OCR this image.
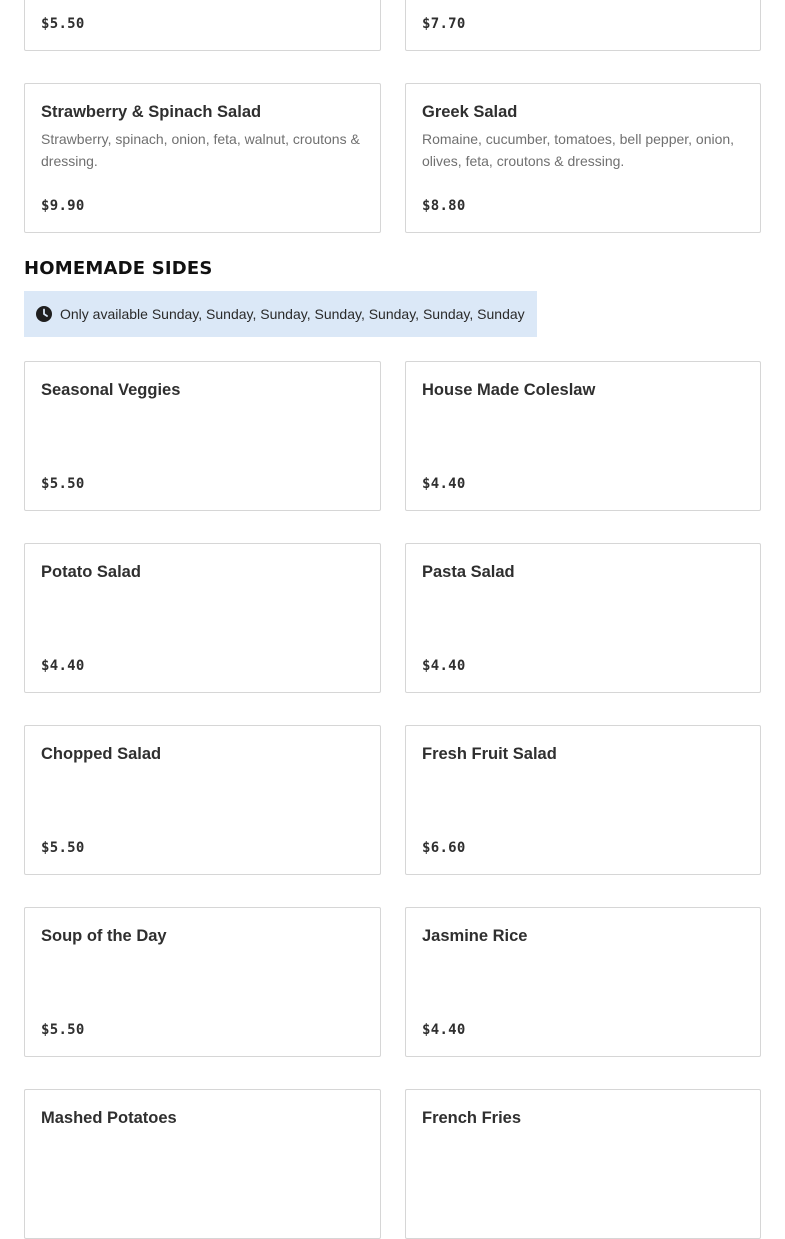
$5.50	$7.70
Strawberry & Spinach Salad
Strawberry, spinach, onion, feta, walnut, croutons & dressing.
$9.90
Greek Salad
Romaine, cucumber, tomatoes, bell pepper, onion, olives, feta, croutons & dressing.
$8.80
HOMEMADE SIDES
Only available Sunday, Sunday, Sunday, Sunday, Sunday, Sunday, Sunday
Seasonal Veggies
$5.50
House Made Coleslaw
$4.40
Potato Salad
$4.40
Pasta Salad
$4.40
Chopped Salad
$5.50
Fresh Fruit Salad
$6.60
Soup of the Day
$5.50
Jasmine Rice
$4.40
Mashed Potatoes	French Fries
